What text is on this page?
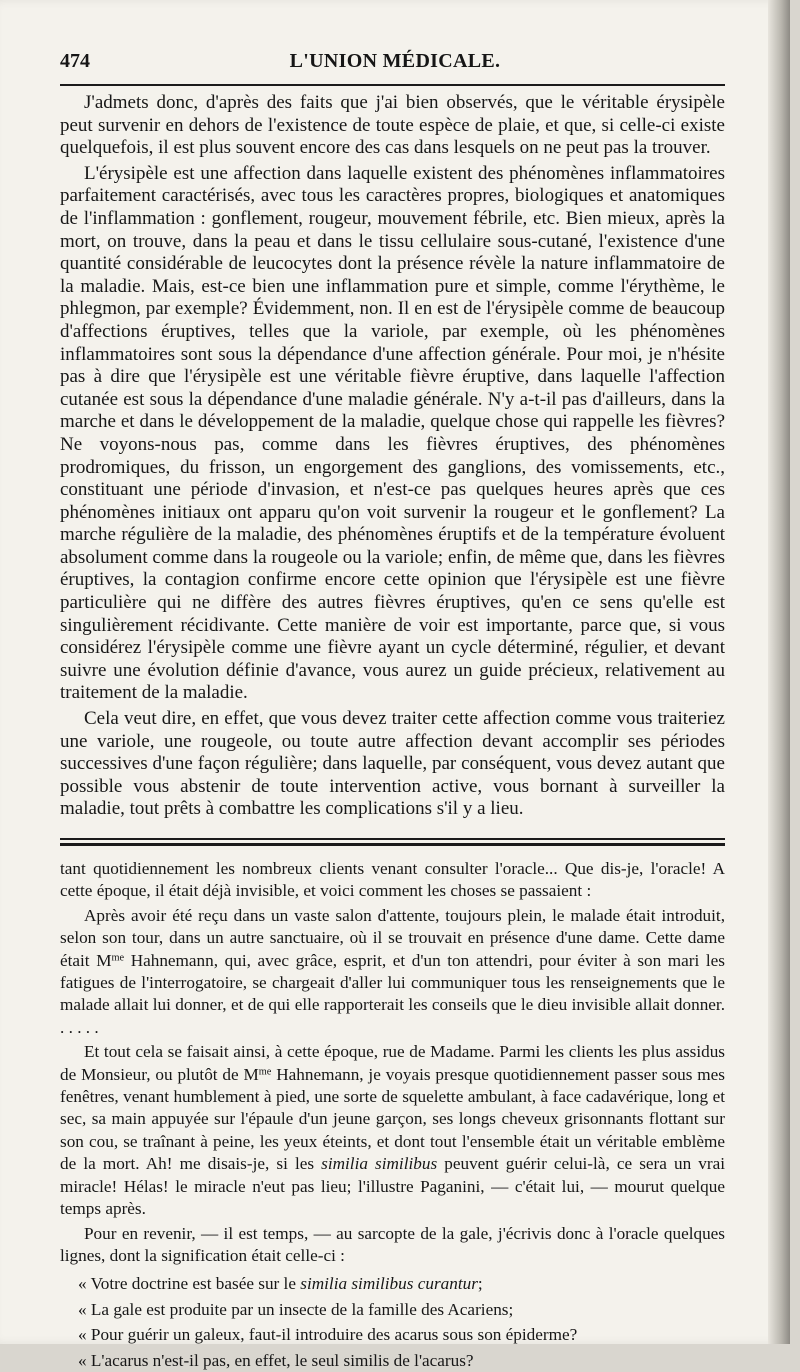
474	L'UNION MÉDICALE.

J'admets donc, d'après des faits que j'ai bien observés, que le véritable érysipèle peut survenir en dehors de l'existence de toute espèce de plaie, et que, si celle-ci existe quelquefois, il est plus souvent encore des cas dans lesquels on ne peut pas la trouver.

L'érysipèle est une affection dans laquelle existent des phénomènes inflammatoires parfaitement caractérisés, avec tous les caractères propres, biologiques et anatomiques de l'inflammation : gonflement, rougeur, mouvement fébrile, etc. Bien mieux, après la mort, on trouve, dans la peau et dans le tissu cellulaire sous-cutané, l'existence d'une quantité considérable de leucocytes dont la présence révèle la nature inflammatoire de la maladie. Mais, est-ce bien une inflammation pure et simple, comme l'érythème, le phlegmon, par exemple? Évidemment, non. Il en est de l'érysipèle comme de beaucoup d'affections éruptives, telles que la variole, par exemple, où les phénomènes inflammatoires sont sous la dépendance d'une affection générale. Pour moi, je n'hésite pas à dire que l'érysipèle est une véritable fièvre éruptive, dans laquelle l'affection cutanée est sous la dépendance d'une maladie générale. N'y a-t-il pas d'ailleurs, dans la marche et dans le développement de la maladie, quelque chose qui rappelle les fièvres? Ne voyons-nous pas, comme dans les fièvres éruptives, des phénomènes prodromiques, du frisson, un engorgement des ganglions, des vomissements, etc., constituant une période d'invasion, et n'est-ce pas quelques heures après que ces phénomènes initiaux ont apparu qu'on voit survenir la rougeur et le gonflement? La marche régulière de la maladie, des phénomènes éruptifs et de la température évoluent absolument comme dans la rougeole ou la variole; enfin, de même que, dans les fièvres éruptives, la contagion confirme encore cette opinion que l'érysipèle est une fièvre particulière qui ne diffère des autres fièvres éruptives, qu'en ce sens qu'elle est singulièrement récidivante. Cette manière de voir est importante, parce que, si vous considérez l'érysipèle comme une fièvre ayant un cycle déterminé, régulier, et devant suivre une évolution définie d'avance, vous aurez un guide précieux, relativement au traitement de la maladie.

Cela veut dire, en effet, que vous devez traiter cette affection comme vous traiteriez une variole, une rougeole, ou toute autre affection devant accomplir ses périodes successives d'une façon régulière; dans laquelle, par conséquent, vous devez autant que possible vous abstenir de toute intervention active, vous bornant à surveiller la maladie, tout prêts à combattre les complications s'il y a lieu.

tant quotidiennement les nombreux clients venant consulter l'oracle... Que dis-je, l'oracle! A cette époque, il était déjà invisible, et voici comment les choses se passaient :

Après avoir été reçu dans un vaste salon d'attente, toujours plein, le malade était introduit, selon son tour, dans un autre sanctuaire, où il se trouvait en présence d'une dame. Cette dame était $M^{me}$ Hahnemann, qui, avec grâce, esprit, et d'un ton attendri, pour éviter à son mari les fatigues de l'interrogatoire, se chargeait d'aller lui communiquer tous les renseignements que le malade allait lui donner, et de qui elle rapporterait les conseils que le dieu invisible allait donner. . . . . .

Et tout cela se faisait ainsi, à cette époque, rue de Madame. Parmi les clients les plus assidus de Monsieur, ou plutôt de $M^{me}$ Hahnemann, je voyais presque quotidiennement passer sous mes fenêtres, venant humblement à pied, une sorte de squelette ambulant, à face cadavérique, long et sec, sa main appuyée sur l'épaule d'un jeune garçon, ses longs cheveux grisonnants flottant sur son cou, se traînant à peine, les yeux éteints, et dont tout l'ensemble était un véritable emblème de la mort. Ah! me disais-je, si les similia similibus peuvent guérir celui-là, ce sera un vrai miracle! Hélas! le miracle n'eut pas lieu; l'illustre Paganini, — c'était lui, — mourut quelque temps après.

Pour en revenir, — il est temps, — au sarcopte de la gale, j'écrivis donc à l'oracle quelques lignes, dont la signification était celle-ci :

« Votre doctrine est basée sur le similia similibus curantur;

« La gale est produite par un insecte de la famille des Acariens;

« Pour guérir un galeux, faut-il introduire des acarus sous son épiderme?

« L'acarus n'est-il pas, en effet, le seul similis de l'acarus?
